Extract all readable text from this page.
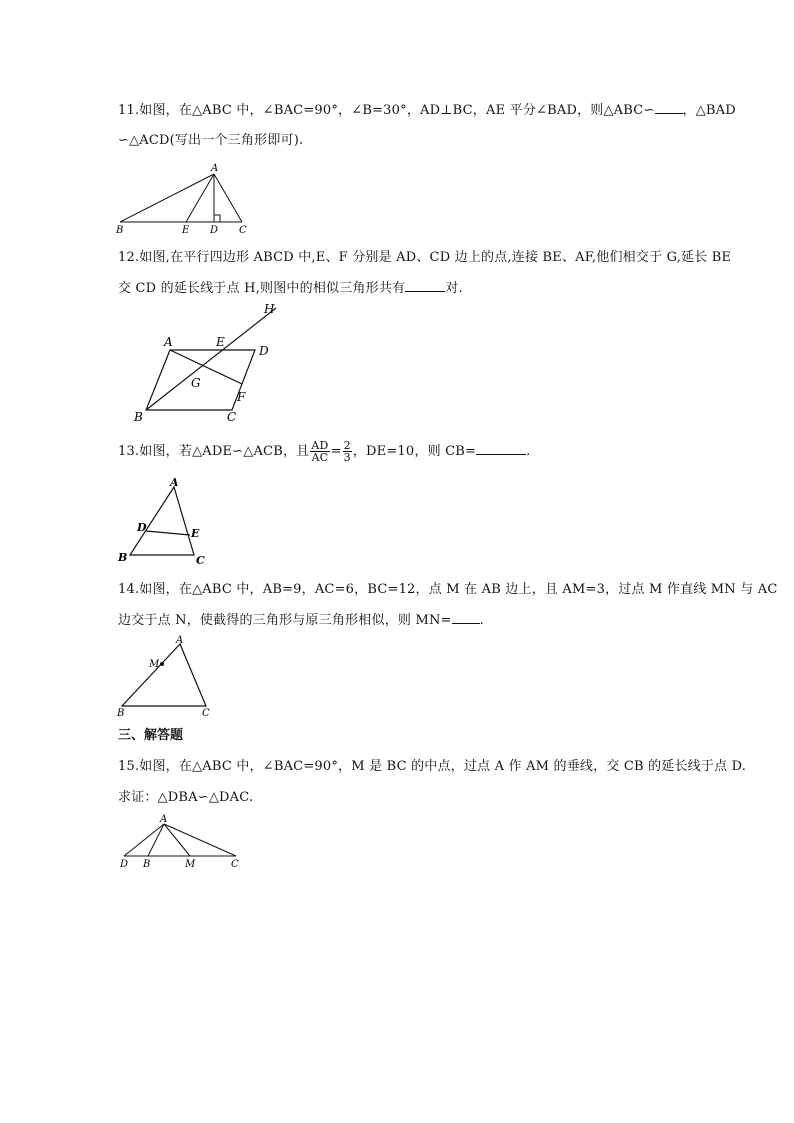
11.如图，在△ABC 中，∠BAC=90°，∠B=30°，AD⊥BC，AE 平分∠BAD，则△ABC∽ ，△BAD
∽△ACD(写出一个三角形即可).
A
B	E D C
12.如图,在平行四边形 ABCD 中,E、F 分别是 AD、CD 边上的点,连接 BE、AF,他们相交于 G,延长 BE
交 CD 的延长线于点 H,则图中的相似三角形共有	对.
A	E
H
D
G
F
B	C
13.如图，若△ADE∽△ACB，且 $\frac{AD}{AC} = \frac{2}{3}$ ，DE=10，则 CB=	.
A
D	E
B	C
14.如图，在△ABC 中，AB=9，AC=6，BC=12，点 M 在 AB 边上，且 AM=3，过点 M 作直线 MN 与 AC
边交于点 N，使截得的三角形与原三角形相似，则 MN= .
A
M
B	C
三、解答题
15.如图，在△ABC 中，∠BAC=90°，M 是 BC 的中点，过点 A 作 AM 的垂线，交 CB 的延长线于点 D.
求证：△DBA∽△DAC.
A
D B	M	C
